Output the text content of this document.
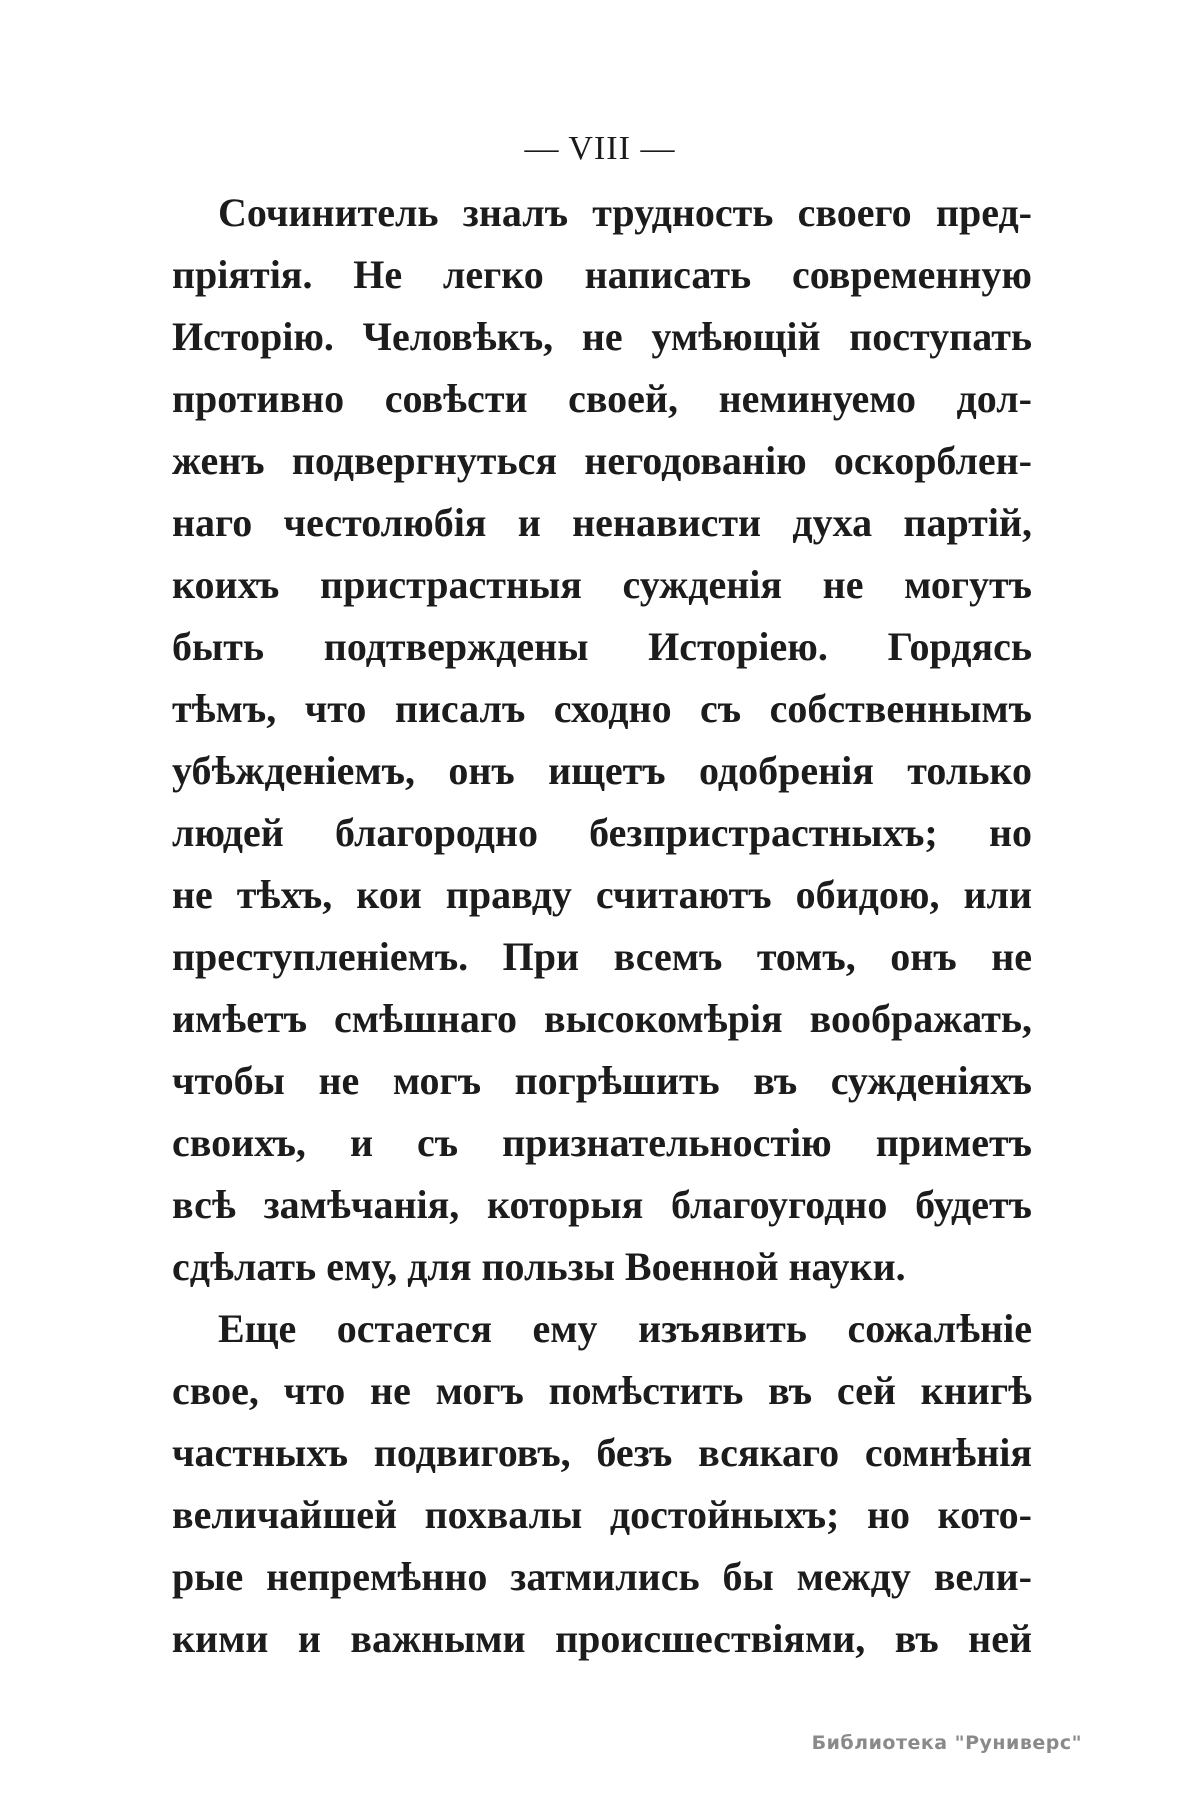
— VIII —
Сочинитель зналъ трудность своего пред-
пріятія. Не легко написать современную
Исторію. Человѣкъ, не умѣющій поступать
противно совѣсти своей, неминуемо дол-
женъ подвергнуться негодованію оскорблен-
наго честолюбія и ненависти духа партій,
коихъ пристрастныя сужденія не могутъ
быть подтверждены Исторіею. Гордясь
тѣмъ, что писалъ сходно съ собственнымъ
убѣжденіемъ, онъ ищетъ одобренія только
людей благородно безпристрастныхъ; но
не тѣхъ, кои правду считаютъ обидою, или
преступленіемъ. При всемъ томъ, онъ не
имѣетъ смѣшнаго высокомѣрія воображать,
чтобы не могъ погрѣшить въ сужденіяхъ
своихъ, и съ признательностію приметъ
всѣ замѣчанія, которыя благоугодно будетъ
сдѣлать ему, для пользы Военной науки.
Еще остается ему изъявить сожалѣніе
свое, что не могъ помѣстить въ сей книгѣ
частныхъ подвиговъ, безъ всякаго сомнѣнія
величайшей похвалы достойныхъ; но кото-
рые непремѣнно затмились бы между вели-
кими и важными происшествіями, въ ней
Библиотека "Руниверс"
